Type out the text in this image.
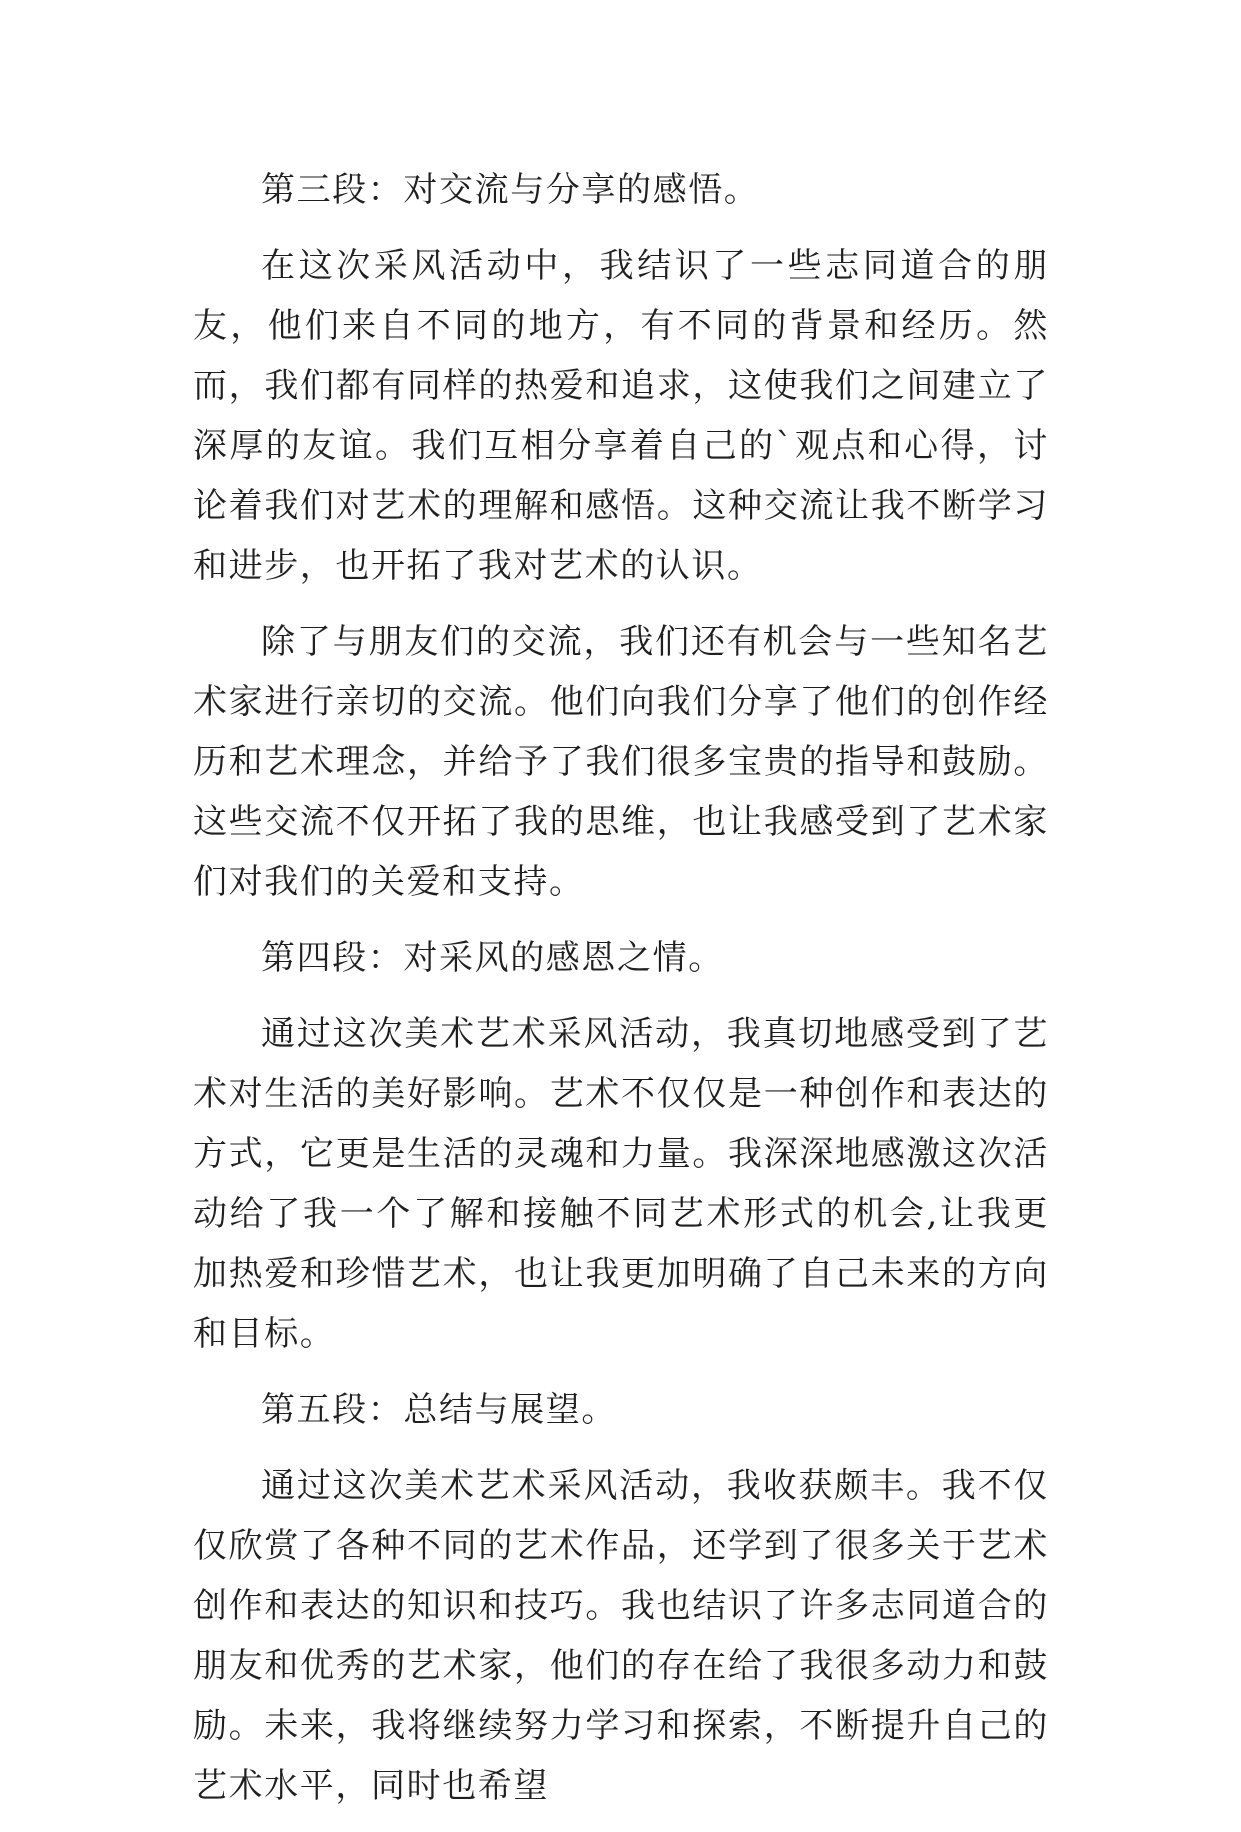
第三段：对交流与分享的感悟。

在这次采风活动中，我结识了一些志同道合的朋友，他们来自不同的地方，有不同的背景和经历。然而，我们都有同样的热爱和追求，这使我们之间建立了深厚的友谊。我们互相分享着自己的`观点和心得，讨论着我们对艺术的理解和感悟。这种交流让我不断学习和进步，也开拓了我对艺术的认识。

除了与朋友们的交流，我们还有机会与一些知名艺术家进行亲切的交流。他们向我们分享了他们的创作经历和艺术理念，并给予了我们很多宝贵的指导和鼓励。这些交流不仅开拓了我的思维，也让我感受到了艺术家们对我们的关爱和支持。

第四段：对采风的感恩之情。

通过这次美术艺术采风活动，我真切地感受到了艺术对生活的美好影响。艺术不仅仅是一种创作和表达的方式，它更是生活的灵魂和力量。我深深地感激这次活动给了我一个了解和接触不同艺术形式的机会,让我更加热爱和珍惜艺术，也让我更加明确了自己未来的方向和目标。

第五段：总结与展望。

通过这次美术艺术采风活动，我收获颇丰。我不仅仅欣赏了各种不同的艺术作品，还学到了很多关于艺术创作和表达的知识和技巧。我也结识了许多志同道合的朋友和优秀的艺术家，他们的存在给了我很多动力和鼓励。未来，我将继续努力学习和探索，不断提升自己的艺术水平，同时也希望
